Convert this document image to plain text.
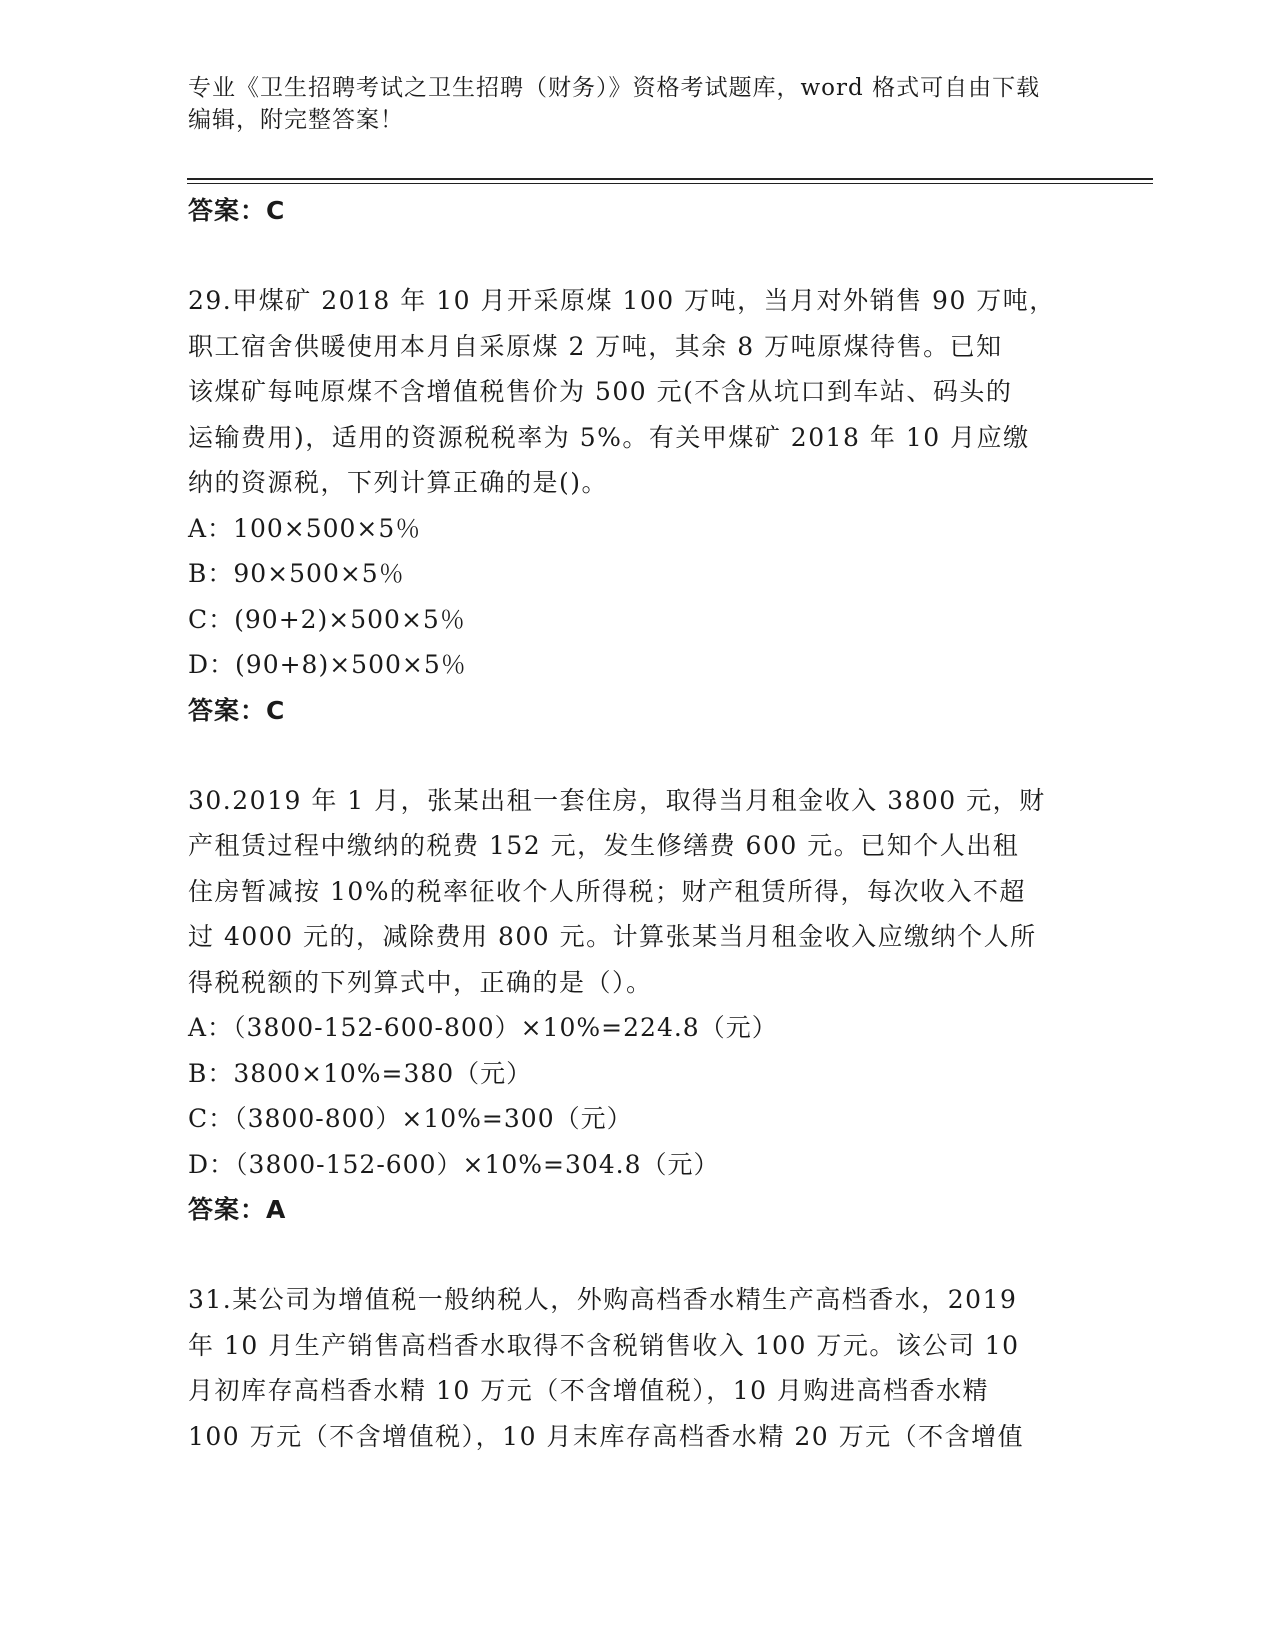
专业《卫生招聘考试之卫生招聘（财务）》资格考试题库，word 格式可自由下载
编辑，附完整答案！
答案：C
29.甲煤矿 2018 年 10 月开采原煤 100 万吨，当月对外销售 90 万吨，
职工宿舍供暖使用本月自采原煤 2 万吨，其余 8 万吨原煤待售。已知
该煤矿每吨原煤不含增值税售价为 500 元(不含从坑口到车站、码头的
运输费用)，适用的资源税税率为 5%。有关甲煤矿 2018 年 10 月应缴
纳的资源税，下列计算正确的是()。
A：100×500×5％
B：90×500×5％
C：(90+2)×500×5％
D：(90+8)×500×5％
答案：C
30.2019 年 1 月，张某出租一套住房，取得当月租金收入 3800 元，财
产租赁过程中缴纳的税费 152 元，发生修缮费 600 元。已知个人出租
住房暂减按 10%的税率征收个人所得税；财产租赁所得，每次收入不超
过 4000 元的，减除费用 800 元。计算张某当月租金收入应缴纳个人所
得税税额的下列算式中，正确的是（）。
A：（3800-152-600-800）×10%=224.8（元）
B：3800×10%=380（元）
C：（3800-800）×10%=300（元）
D：（3800-152-600）×10%=304.8（元）
答案：A
31.某公司为增值税一般纳税人，外购高档香水精生产高档香水，2019
年 10 月生产销售高档香水取得不含税销售收入 100 万元。该公司 10
月初库存高档香水精 10 万元（不含增值税），10 月购进高档香水精
100 万元（不含增值税），10 月末库存高档香水精 20 万元（不含增值
